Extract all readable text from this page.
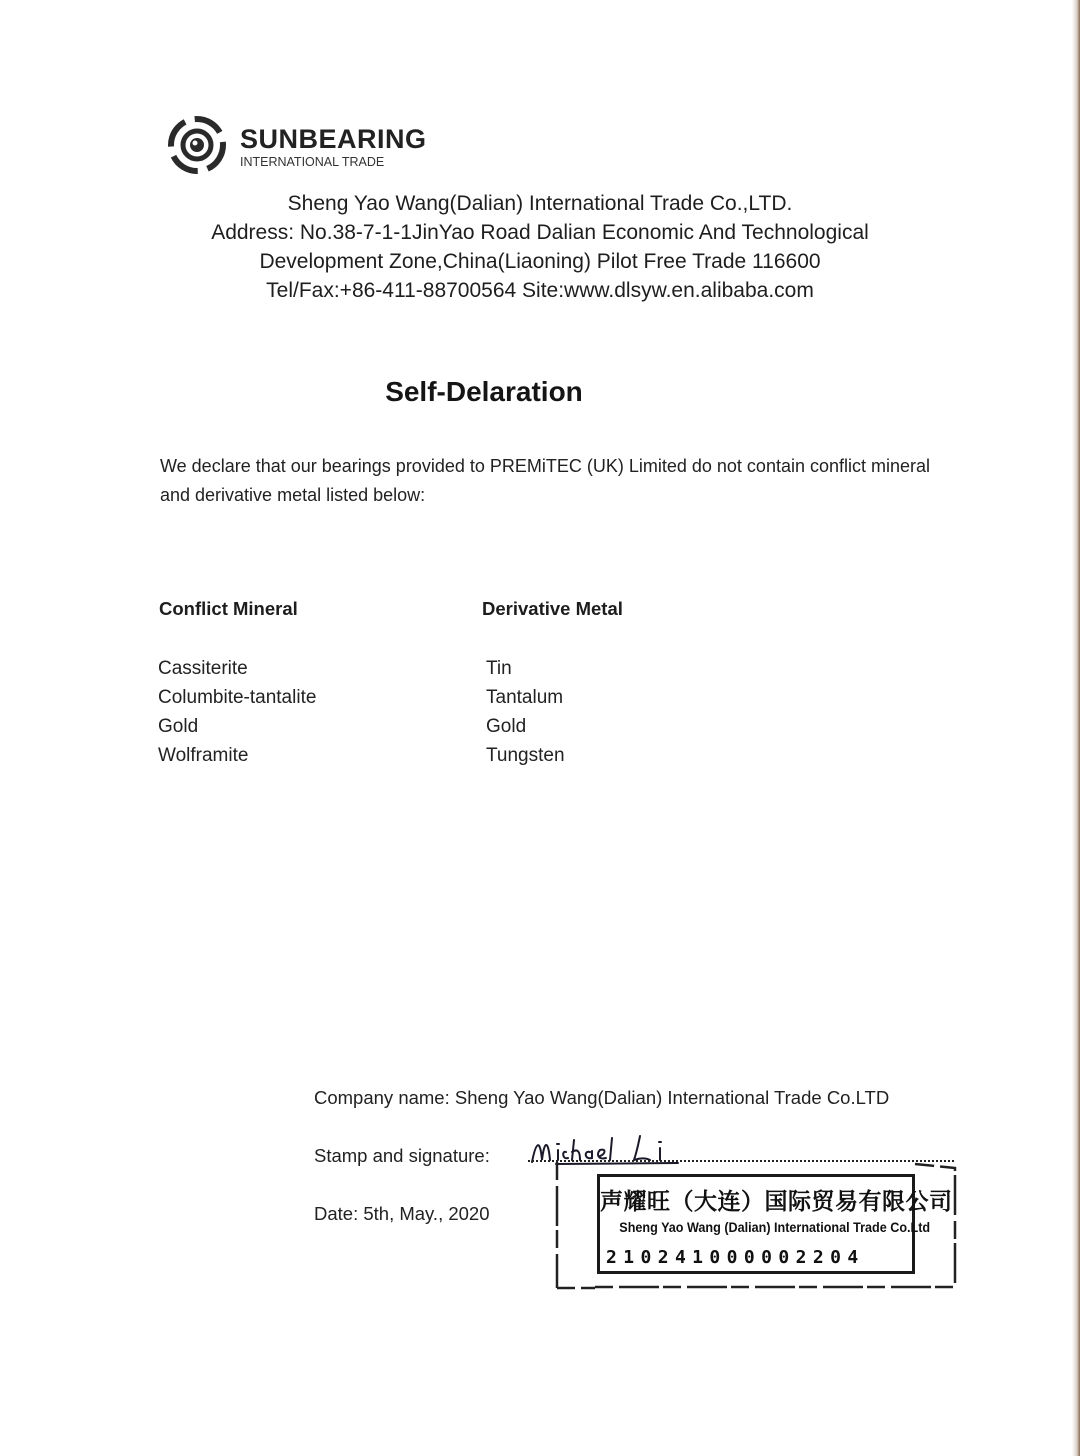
SUNBEARING
INTERNATIONAL TRADE
Sheng Yao Wang(Dalian) International Trade Co.,LTD.
Address: No.38-7-1-1JinYao Road Dalian Economic And Technological
Development Zone,China(Liaoning) Pilot Free Trade 116600
Tel/Fax:+86-411-88700564 Site:www.dlsyw.en.alibaba.com
Self-Delaration
We declare that our bearings provided to PREMiTEC (UK) Limited do not contain conflict mineral and derivative metal listed below:
Conflict Mineral	Derivative Metal
Cassiterite
Columbite-tantalite
Gold
Wolframite
Tin
Tantalum
Gold
Tungsten
Company name: Sheng Yao Wang(Dalian) International Trade Co.LTD
Stamp and signature:
Date: 5th, May., 2020	声耀旺（大连）国际贸易有限公司
Sheng Yao Wang (Dalian) International Trade Co.Ltd
210241000002204
